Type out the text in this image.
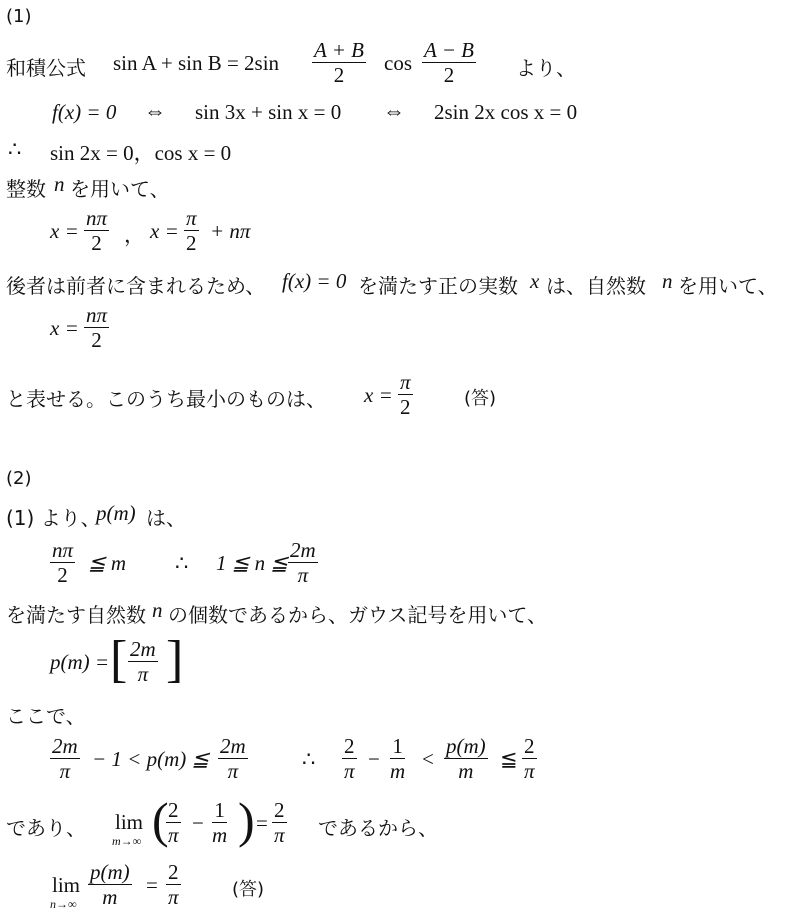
(1)
和積公式 $\sin A + \sin B = 2\sin \frac{A + B}{2}$ $\cos \frac{A - B}{2}$ より、
f(x) = 0 ⇔ sin 3x + sin x = 0 ⇔ 2sin 2x cos x = 0
∴ sin 2x = 0，cos x = 0
整数 n を用いて、
$x = \frac{n\pi}{2}$ ， $x = \frac{\pi}{2} + n\pi$
後者は前者に含まれるため、 f(x) = 0 を満たす正の実数 x は、自然数 n を用いて、
$x = \frac{n\pi}{2}$
と表せる。このうち最小のものは、 $x = \frac{\pi}{2}$	(答)
(2)
(1) より、
p(m) は、
$\frac{n\pi}{2}$ ≦ m ∴ 1 ≦ n ≦ $\frac{2m}{\pi}$
を満たす自然数 n の個数であるから、ガウス記号を用いて、
p(m) = [ $\frac{2m}{\pi}$ ]
ここで、
$\frac{2m}{\pi} - 1 < p(m)$ ≦ $\frac{2m}{\pi}$	∴ $\frac{2}{\pi} - \frac{1}{m} < \frac{p(m)}{m}$ ≦ $\frac{2}{\pi}$
であり、 lim
m→∞ (
$\frac{2}{\pi} - \frac{1}{m}$ ) = $\frac{2}{\pi}$ であるから、
lim
$n\to\infty \frac{p(m)}{m} = \frac{2}{\pi}$	(答)
